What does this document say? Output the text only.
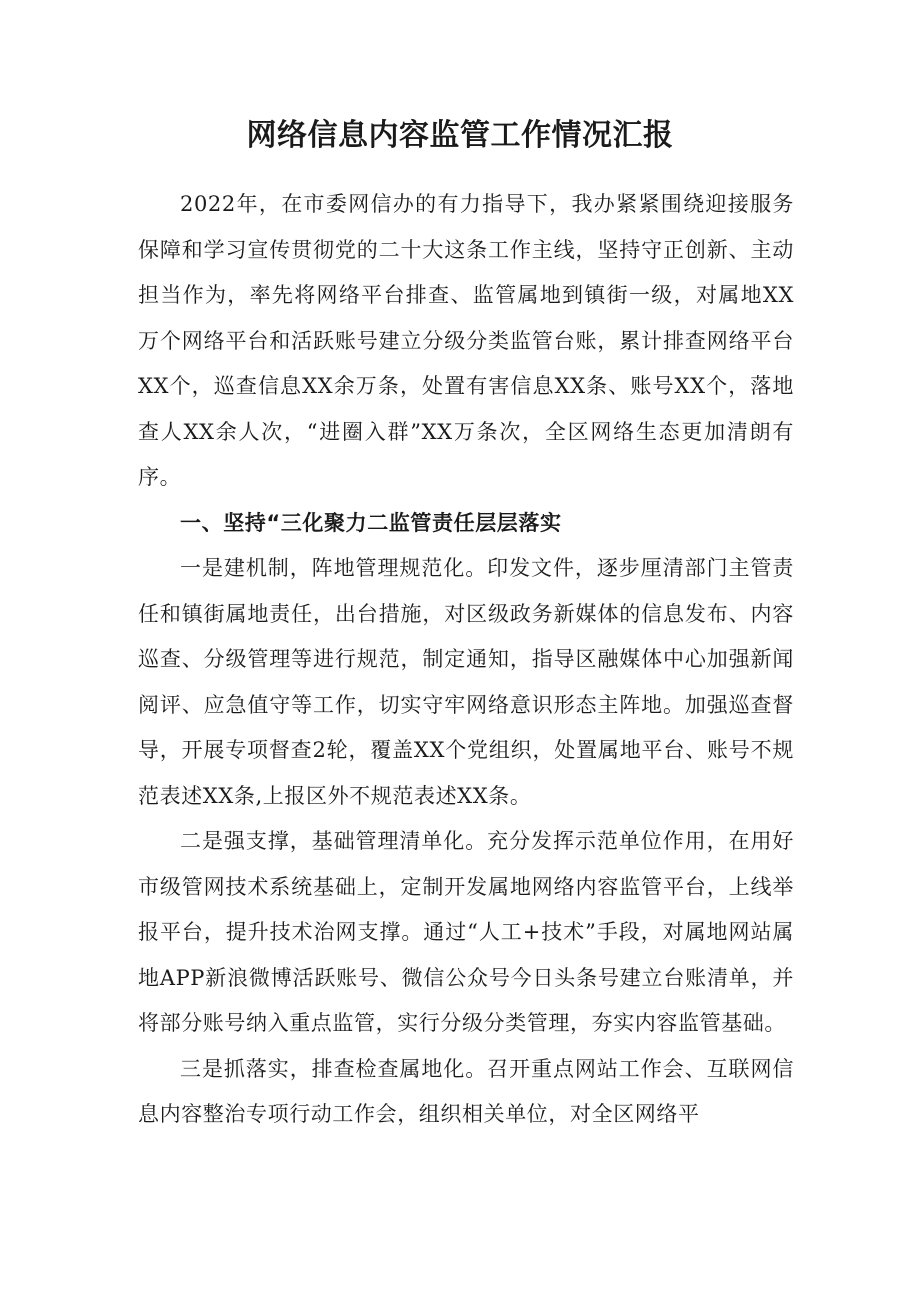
网络信息内容监管工作情况汇报

2022年，在市委网信办的有力指导下，我办紧紧围绕迎接服务保障和学习宣传贯彻党的二十大这条工作主线，坚持守正创新、主动担当作为，率先将网络平台排查、监管属地到镇街一级，对属地XX万个网络平台和活跃账号建立分级分类监管台账，累计排查网络平台XX个，巡查信息XX余万条，处置有害信息XX条、账号XX个，落地查人XX余人次，“进圈入群”XX万条次，全区网络生态更加清朗有序。

一、坚持“三化聚力二监管责任层层落实

一是建机制，阵地管理规范化。印发文件，逐步厘清部门主管责任和镇街属地责任，出台措施，对区级政务新媒体的信息发布、内容巡查、分级管理等进行规范，制定通知，指导区融媒体中心加强新闻阅评、应急值守等工作，切实守牢网络意识形态主阵地。加强巡查督导，开展专项督查2轮，覆盖XX个党组织，处置属地平台、账号不规范表述XX条,上报区外不规范表述XX条。

二是强支撑，基础管理清单化。充分发挥示范单位作用，在用好市级管网技术系统基础上，定制开发属地网络内容监管平台，上线举报平台，提升技术治网支撑。通过“人工+技术”手段，对属地网站属地APP新浪微博活跃账号、微信公众号今日头条号建立台账清单，并将部分账号纳入重点监管，实行分级分类管理，夯实内容监管基础。

三是抓落实，排查检查属地化。召开重点网站工作会、互联网信息内容整治专项行动工作会，组织相关单位，对全区网络平
